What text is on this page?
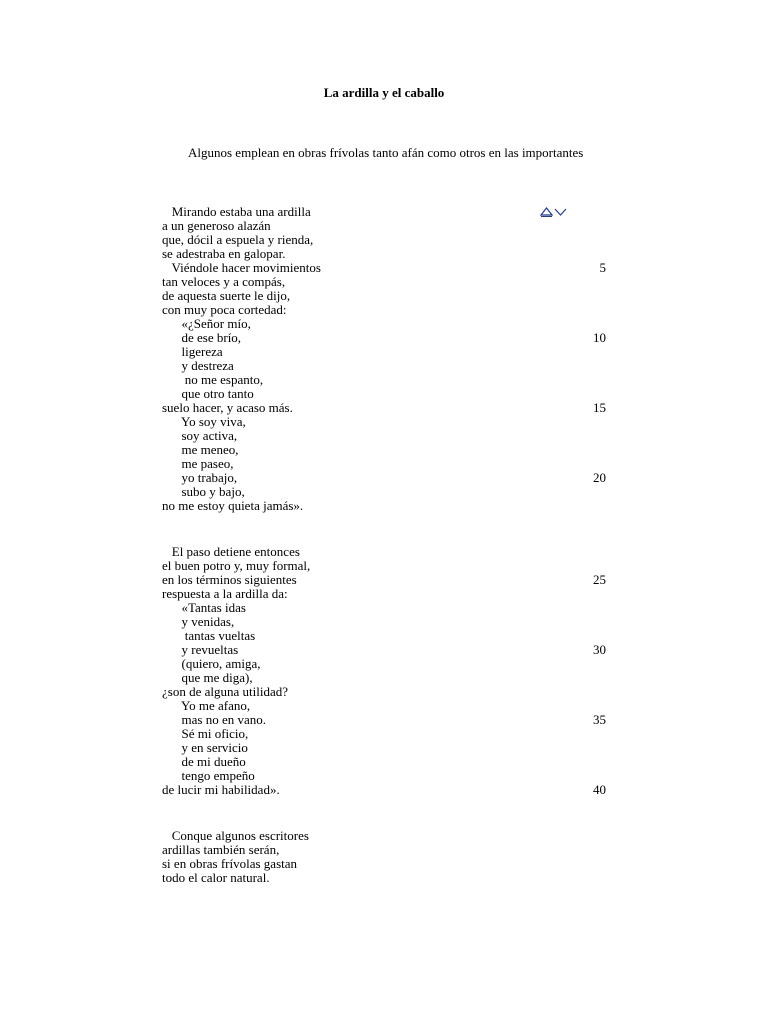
La ardilla y el caballo
Algunos emplean en obras frívolas tanto afán como otros en las importantes
Mirando estaba una ardilla
a un generoso alazán
que, dócil a espuela y rienda,
se adestraba en galopar.
Viéndole hacer movimientos
tan veloces y a compás,
de aquesta suerte le dijo,
con muy poca cortedad:
«¿Señor mío,
de ese brío,
ligereza
y destreza
no me espanto,
que otro tanto
suelo hacer, y acaso más.
Yo soy viva,
soy activa,
me meneo,
me paseo,
yo trabajo,
subo y bajo,
no me estoy quieta jamás».
El paso detiene entonces
el buen potro y, muy formal,
en los términos siguientes
respuesta a la ardilla da:
«Tantas idas
y venidas,
tantas vueltas
y revueltas
(quiero, amiga,
que me diga),
¿son de alguna utilidad?
Yo me afano,
mas no en vano.
Sé mi oficio,
y en servicio
de mi dueño
tengo empeño
de lucir mi habilidad».
Conque algunos escritores
ardillas también serán,
si en obras frívolas gastan
todo el calor natural.
5
10
15
20
25
30
35
40
